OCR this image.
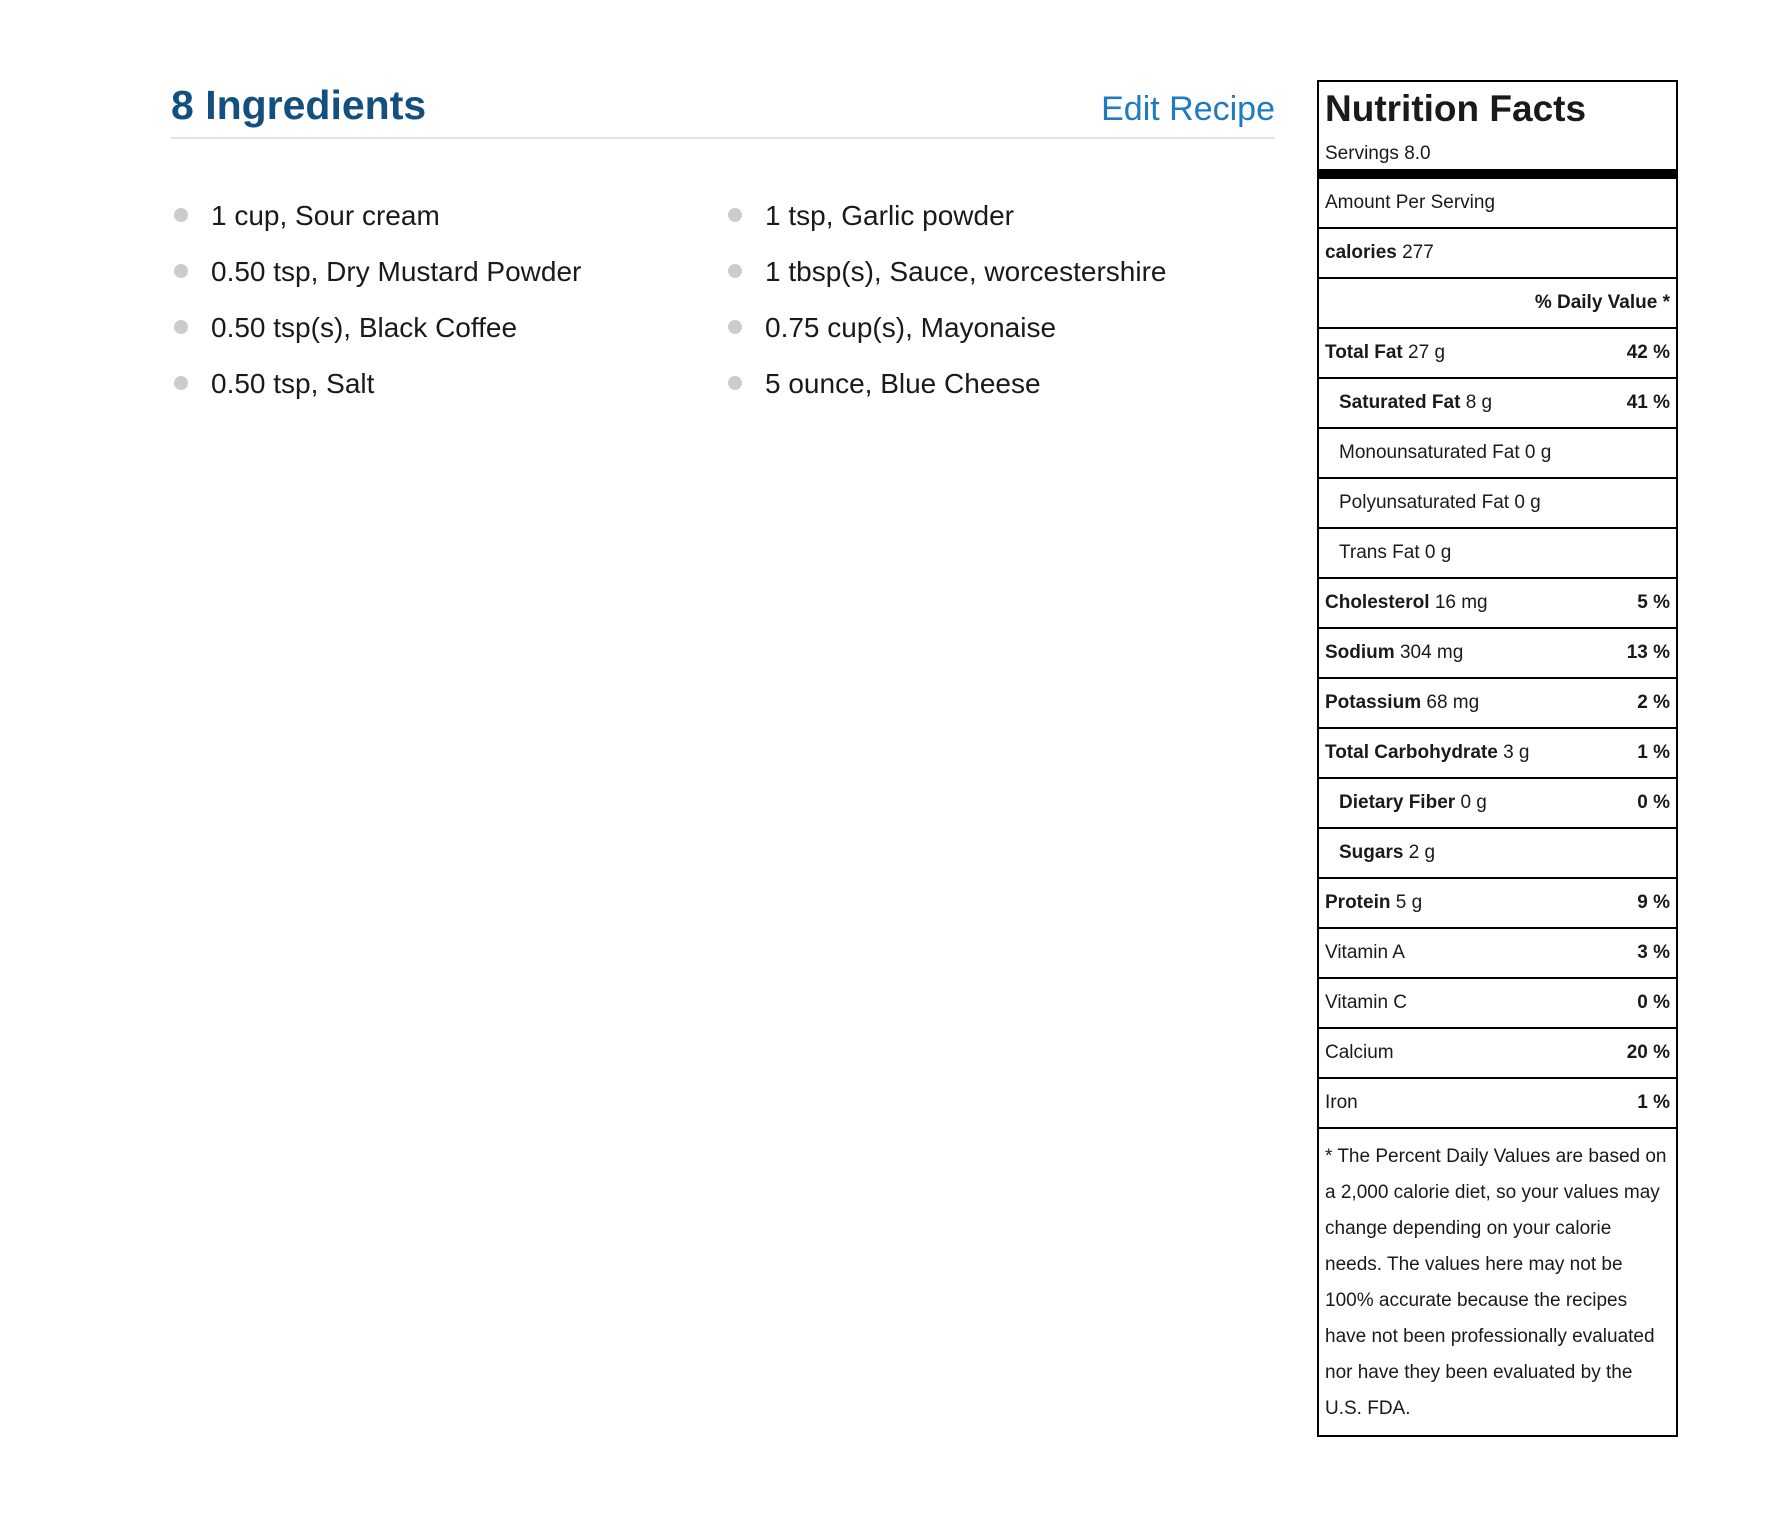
8 Ingredients	Edit Recipe
1 cup, Sour cream
0.50 tsp, Dry Mustard Powder
0.50 tsp(s), Black Coffee
0.50 tsp, Salt
1 tsp, Garlic powder
1 tbsp(s), Sauce, worcestershire
0.75 cup(s), Mayonaise
5 ounce, Blue Cheese
Nutrition Facts
Servings 8.0
Amount Per Serving
calories 277
% Daily Value *
Total Fat 27 g	42 %
Saturated Fat 8 g	41 %
Monounsaturated Fat 0 g
Polyunsaturated Fat 0 g
Trans Fat 0 g
Cholesterol 16 mg	5 %
Sodium 304 mg	13 %
Potassium 68 mg	2 %
Total Carbohydrate 3 g	1 %
Dietary Fiber 0 g	0 %
Sugars 2 g
Protein 5 g	9 %
Vitamin A	3 %
Vitamin C	0 %
Calcium	20 %
Iron	1 %
* The Percent Daily Values are based on a 2,000 calorie diet, so your values may change depending on your calorie needs. The values here may not be 100% accurate because the recipes have not been professionally evaluated nor have they been evaluated by the U.S. FDA.
